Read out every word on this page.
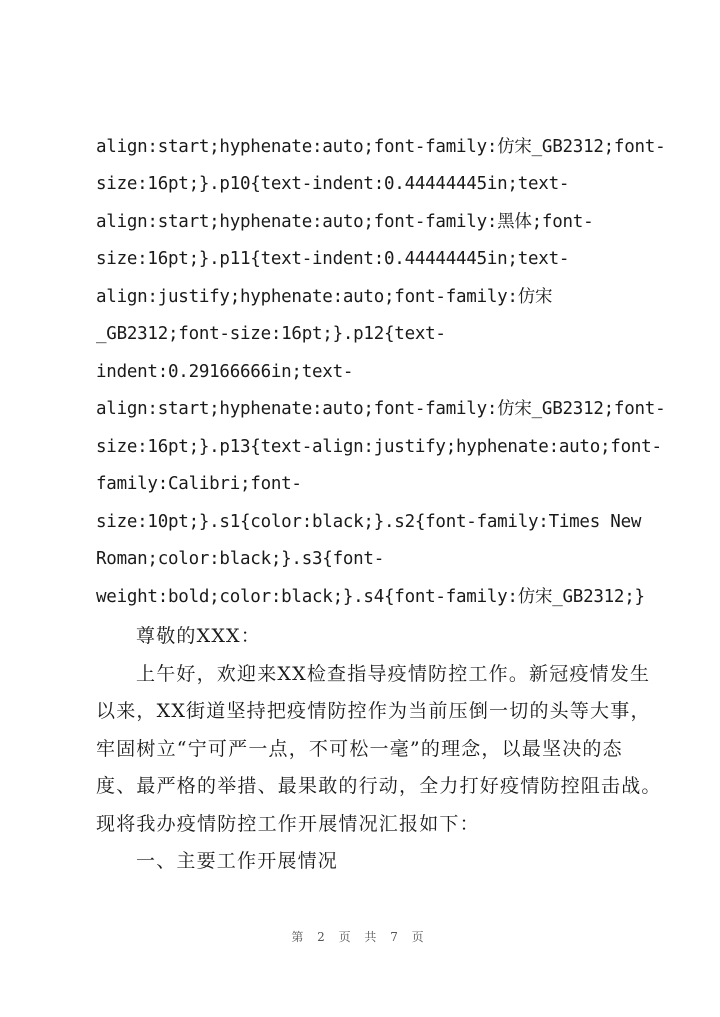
align:start;hyphenate:auto;font-family:仿宋_GB2312;font-
size:16pt;}.p10{text-indent:0.44444445in;text-
align:start;hyphenate:auto;font-family:黑体;font-
size:16pt;}.p11{text-indent:0.44444445in;text-
align:justify;hyphenate:auto;font-family:仿宋
_GB2312;font-size:16pt;}.p12{text-
indent:0.29166666in;text-
align:start;hyphenate:auto;font-family:仿宋_GB2312;font-
size:16pt;}.p13{text-align:justify;hyphenate:auto;font-
family:Calibri;font-
size:10pt;}.s1{color:black;}.s2{font-family:Times New
Roman;color:black;}.s3{font-
weight:bold;color:black;}.s4{font-family:仿宋_GB2312;}
尊敬的XXX：
上午好，欢迎来XX检查指导疫情防控工作。新冠疫情发生
以来，XX街道坚持把疫情防控作为当前压倒一切的头等大事，
牢固树立“宁可严一点，不可松一毫”的理念，以最坚决的态
度、最严格的举措、最果敢的行动，全力打好疫情防控阻击战。
现将我办疫情防控工作开展情况汇报如下：
一、主要工作开展情况
第 2 页 共 7 页
